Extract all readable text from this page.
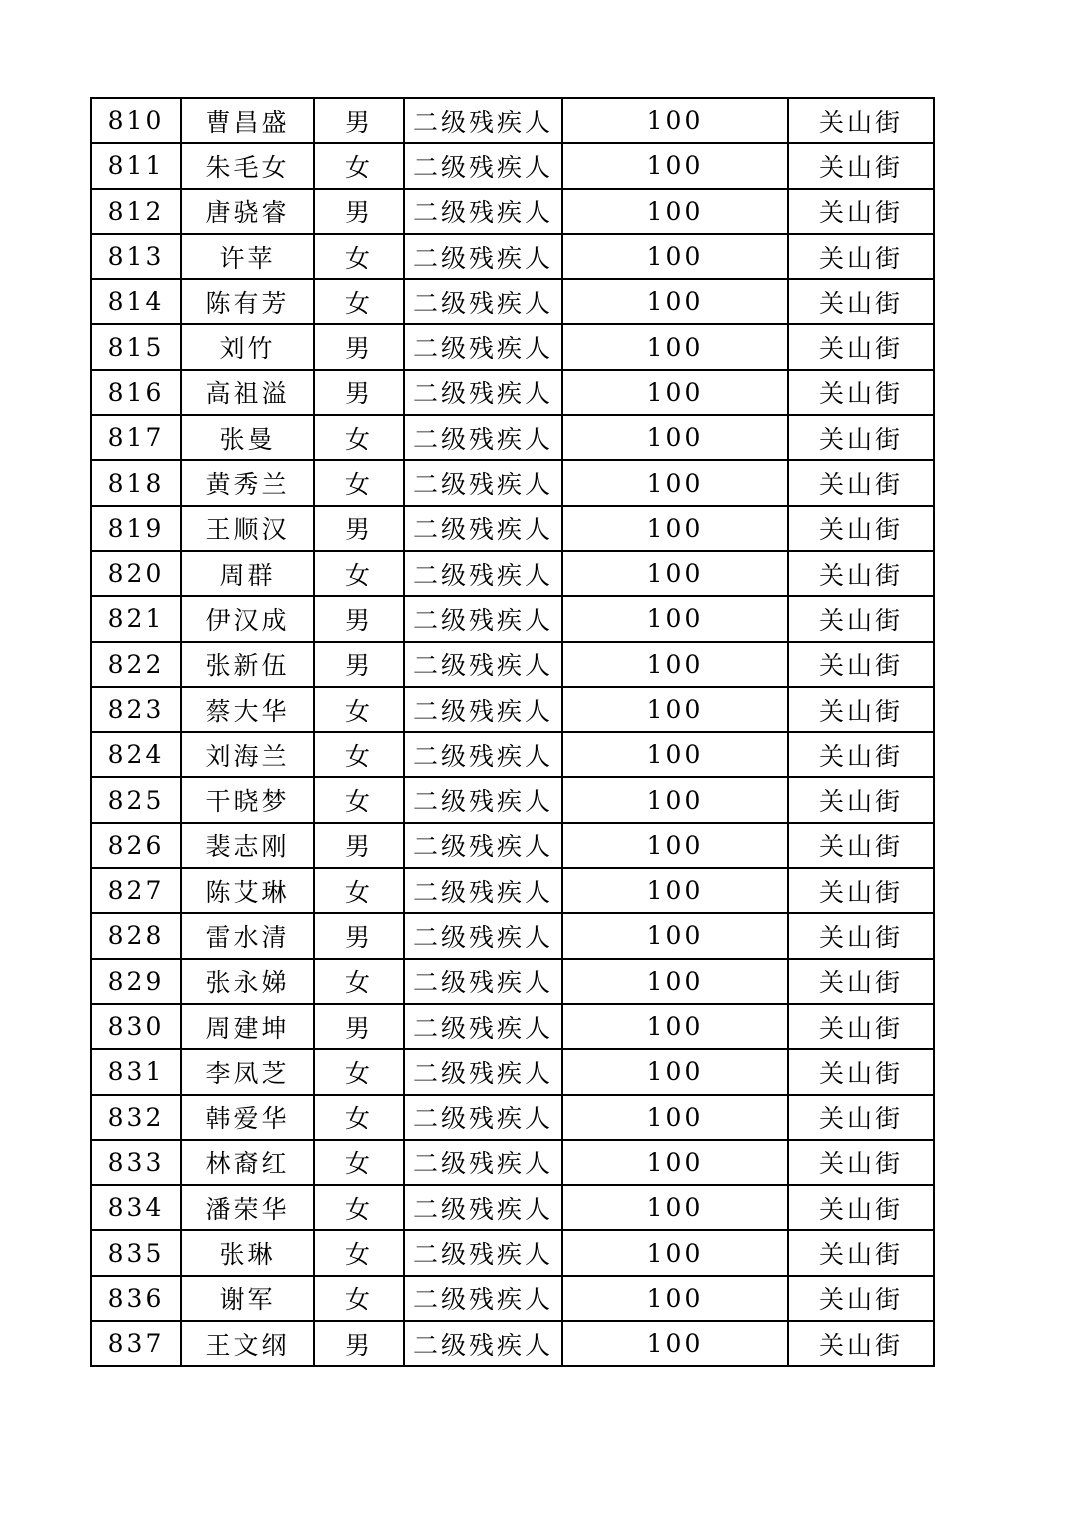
810	曹昌盛	男	二级残疾人	100	关山街
811	朱毛女	女	二级残疾人	100	关山街
812	唐骁睿	男	二级残疾人	100	关山街
813	许苹	女	二级残疾人	100	关山街
814	陈有芳	女	二级残疾人	100	关山街
815	刘竹	男	二级残疾人	100	关山街
816	高祖溢	男	二级残疾人	100	关山街
817	张曼	女	二级残疾人	100	关山街
818	黄秀兰	女	二级残疾人	100	关山街
819	王顺汉	男	二级残疾人	100	关山街
820	周群	女	二级残疾人	100	关山街
821	伊汉成	男	二级残疾人	100	关山街
822	张新伍	男	二级残疾人	100	关山街
823	蔡大华	女	二级残疾人	100	关山街
824	刘海兰	女	二级残疾人	100	关山街
825	干晓梦	女	二级残疾人	100	关山街
826	裴志刚	男	二级残疾人	100	关山街
827	陈艾琳	女	二级残疾人	100	关山街
828	雷水清	男	二级残疾人	100	关山街
829	张永娣	女	二级残疾人	100	关山街
830	周建坤	男	二级残疾人	100	关山街
831	李凤芝	女	二级残疾人	100	关山街
832	韩爱华	女	二级残疾人	100	关山街
833	林裔红	女	二级残疾人	100	关山街
834	潘荣华	女	二级残疾人	100	关山街
835	张琳	女	二级残疾人	100	关山街
836	谢军	女	二级残疾人	100	关山街
837	王文纲	男	二级残疾人	100	关山街
